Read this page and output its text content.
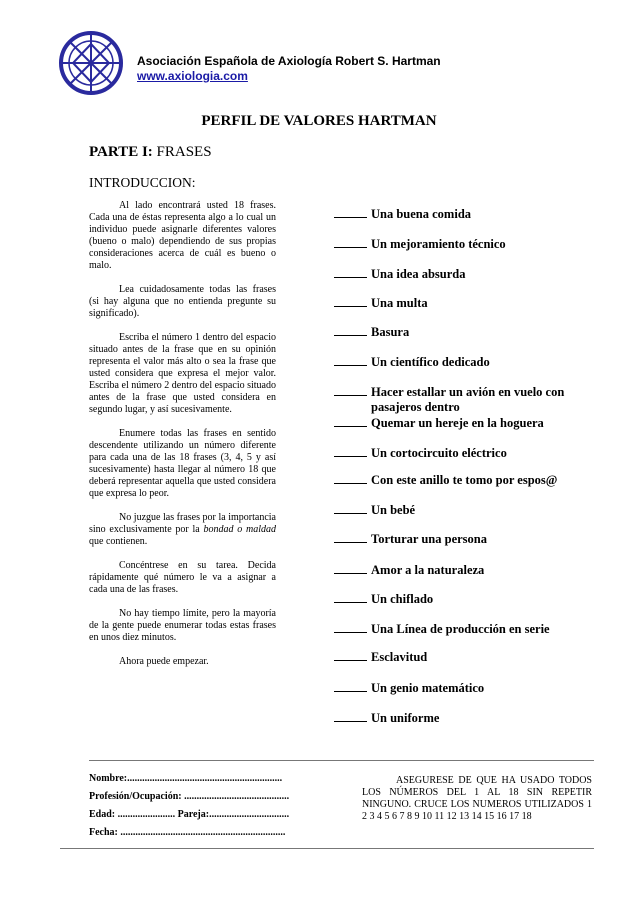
Asociación Española de Axiología Robert S. Hartman
www.axiologia.com
PERFIL DE VALORES HARTMAN
PARTE I: FRASES
INTRODUCCION:

Al lado encontrará usted 18 frases. Cada una de éstas representa algo a lo cual un individuo puede asignarle diferentes valores (bueno o malo) dependiendo de sus propias consideraciones acerca de cuál es bueno o malo.

Lea cuidadosamente todas las frases (si hay alguna que no entienda pregunte su significado).

Escriba el número 1 dentro del espacio situado antes de la frase que en su opinión representa el valor más alto o sea la frase que usted considera que expresa el mejor valor. Escriba el número 2 dentro del espacio situado antes de la frase que usted considera en segundo lugar, y así sucesivamente.

Enumere todas las frases en sentido descendente utilizando un número diferente para cada una de las 18 frases (3, 4, 5 y así sucesivamente) hasta llegar al número 18 que deberá representar aquella que usted considera que expresa lo peor.

No juzgue las frases por la importancia sino exclusivamente por la bondad o maldad que contienen.

Concéntrese en su tarea. Decida rápidamente qué número le va a asignar a cada una de las frases.

No hay tiempo límite, pero la mayoría de la gente puede enumerar todas estas frases en unos diez minutos.

Ahora puede empezar.

Una buena comida
Un mejoramiento técnico
Una idea absurda
Una multa
Basura
Un científico dedicado
Hacer estallar un avión en vuelo con
pasajeros dentro
Quemar un hereje en la hoguera
Un cortocircuito eléctrico
Con este anillo te tomo por espos@
Un bebé
Torturar una persona
Amor a la naturaleza
Un chiflado
Una Línea de producción en serie
Esclavitud
Un genio matemático
Un uniforme
Nombre:..............................................................
Profesión/Ocupación: ..........................................
Edad: ....................... Pareja:................................
Fecha: ..................................................................
ASEGURESE DE QUE HA USADO TODOS LOS NÚMEROS DEL 1 AL 18 SIN REPETIR NINGUNO. CRUCE LOS NUMEROS UTILIZADOS 1 2 3 4 5 6 7 8 9 10 11 12 13 14 15 16 17 18
